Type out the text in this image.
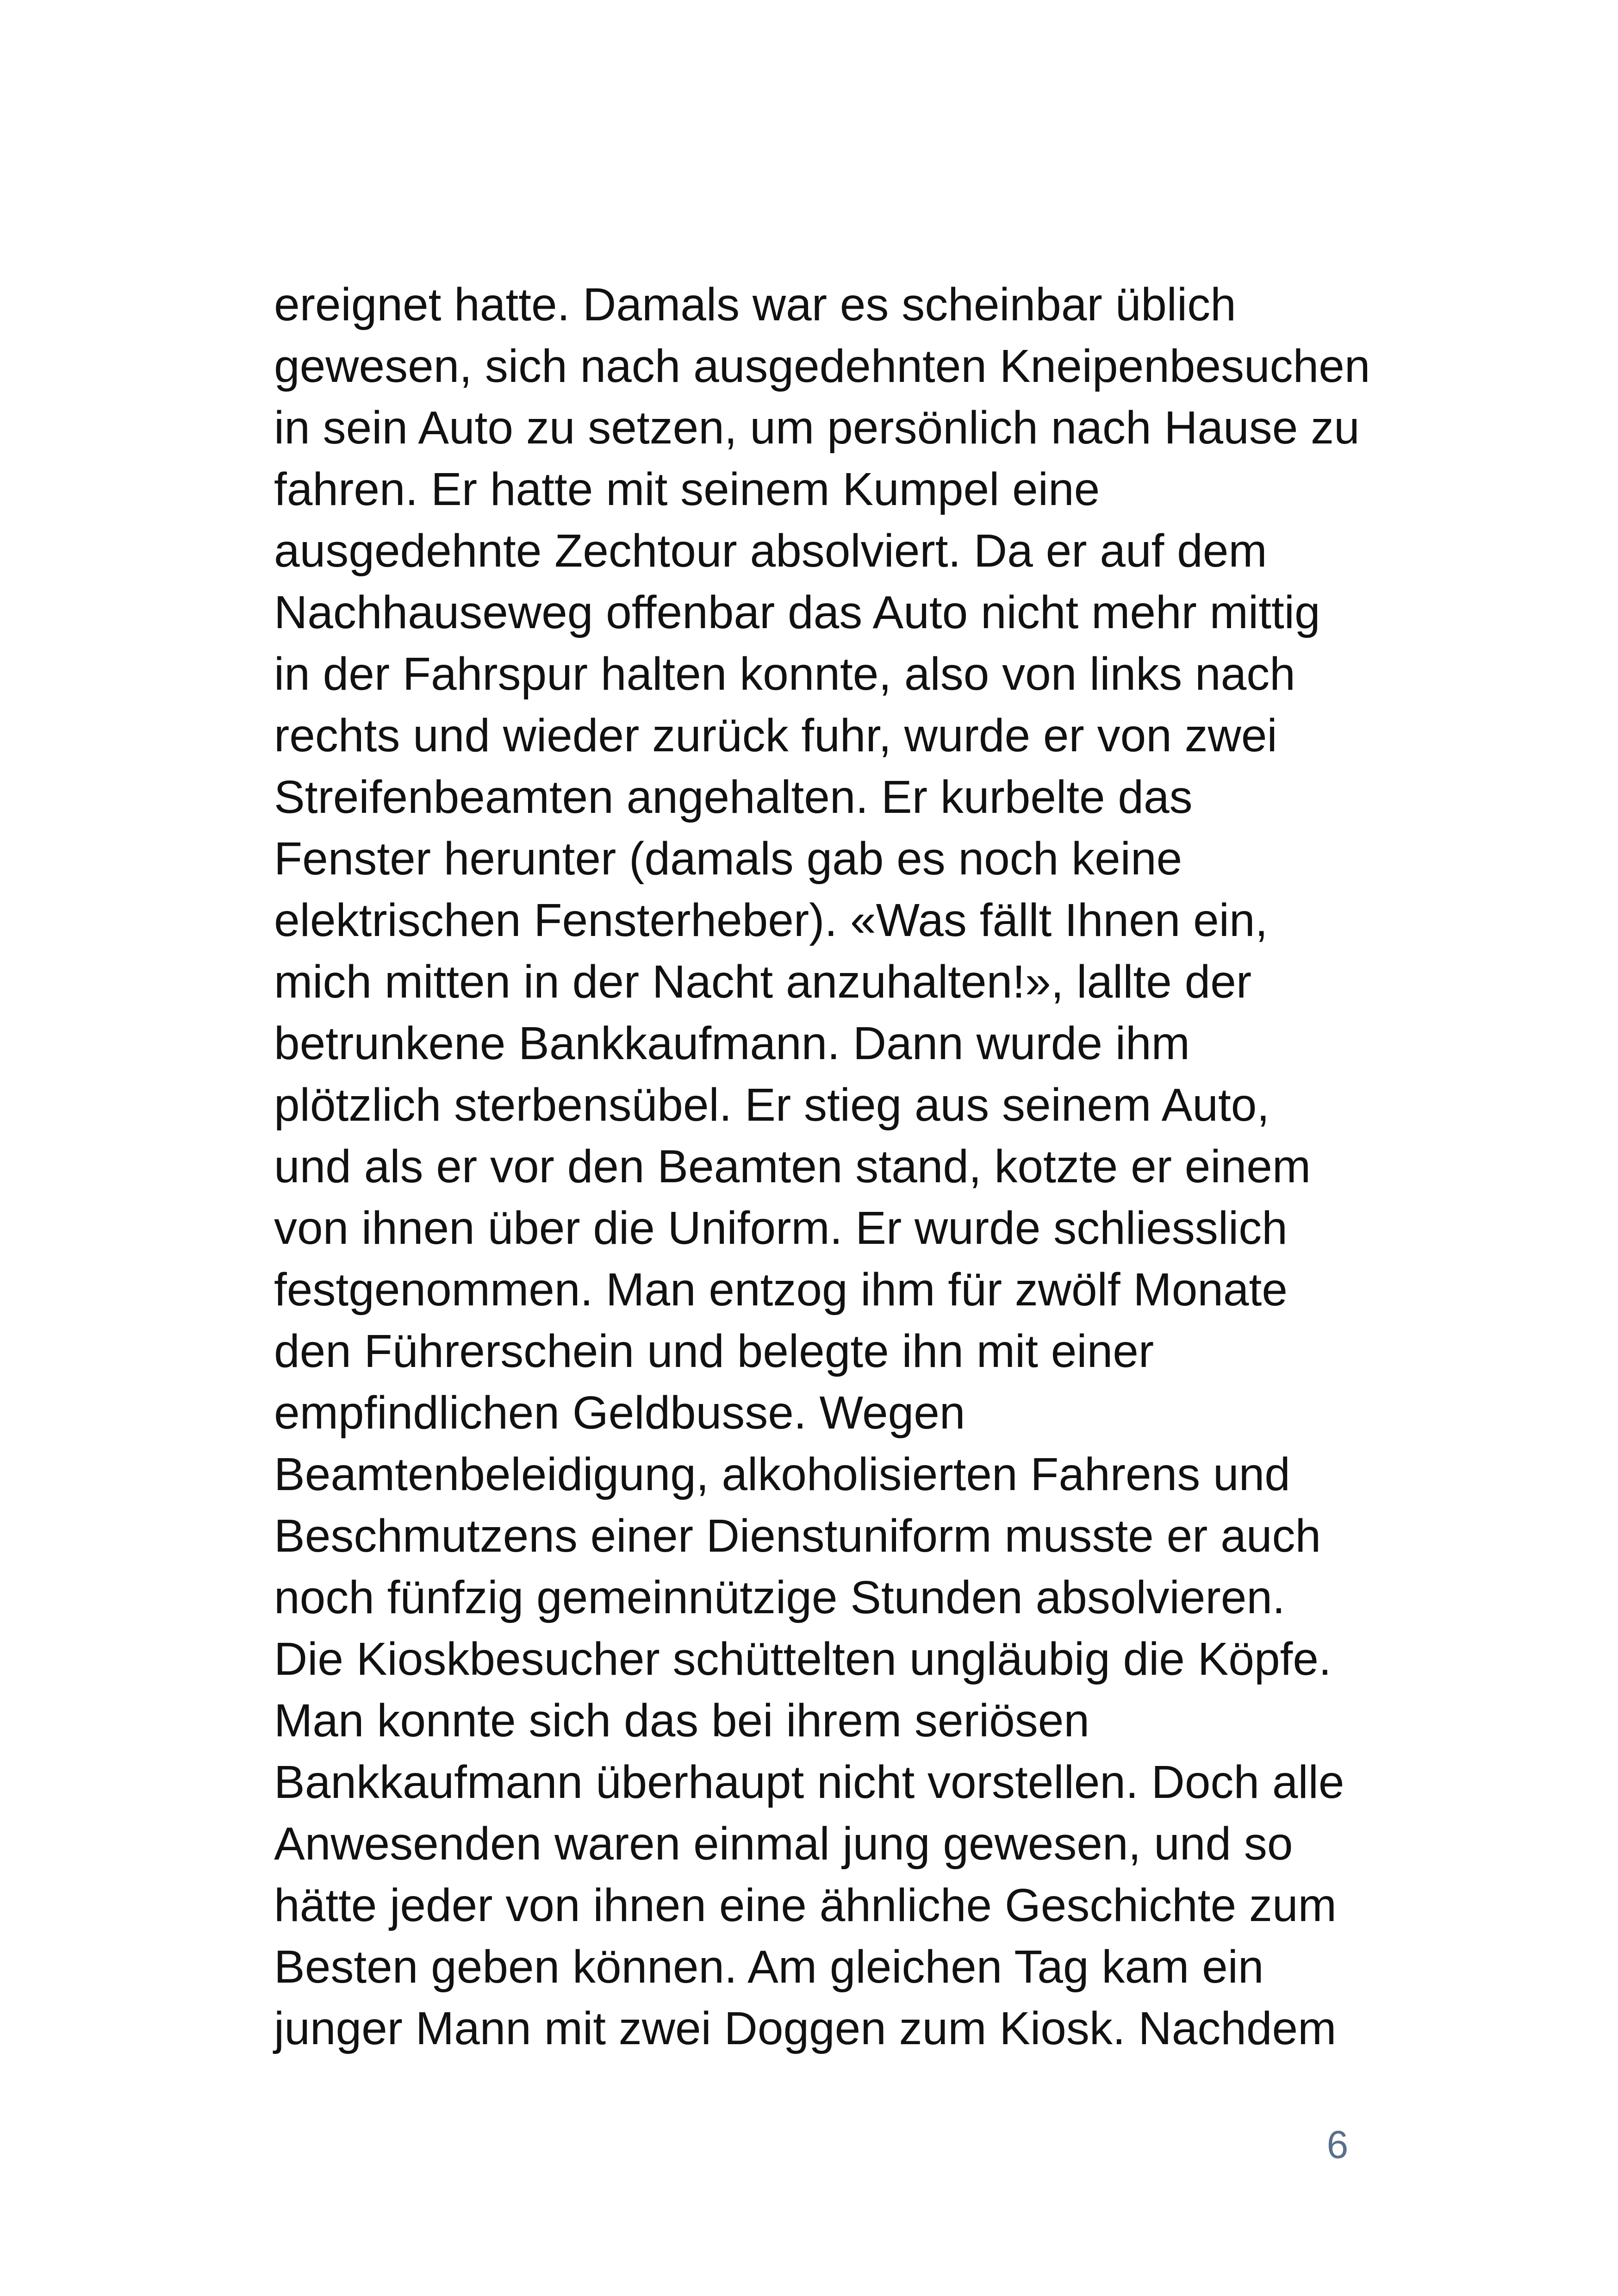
ereignet hatte. Damals war es scheinbar üblich
gewesen, sich nach ausgedehnten Kneipenbesuchen
in sein Auto zu setzen, um persönlich nach Hause zu
fahren. Er hatte mit seinem Kumpel eine
ausgedehnte Zechtour absolviert. Da er auf dem
Nachhauseweg offenbar das Auto nicht mehr mittig
in der Fahrspur halten konnte, also von links nach
rechts und wieder zurück fuhr, wurde er von zwei
Streifenbeamten angehalten. Er kurbelte das
Fenster herunter (damals gab es noch keine
elektrischen Fensterheber). «Was fällt Ihnen ein,
mich mitten in der Nacht anzuhalten!», lallte der
betrunkene Bankkaufmann. Dann wurde ihm
plötzlich sterbensübel. Er stieg aus seinem Auto,
und als er vor den Beamten stand, kotzte er einem
von ihnen über die Uniform. Er wurde schliesslich
festgenommen. Man entzog ihm für zwölf Monate
den Führerschein und belegte ihn mit einer
empfindlichen Geldbusse. Wegen
Beamtenbeleidigung, alkoholisierten Fahrens und
Beschmutzens einer Dienstuniform musste er auch
noch fünfzig gemeinnützige Stunden absolvieren.
Die Kioskbesucher schüttelten ungläubig die Köpfe.
Man konnte sich das bei ihrem seriösen
Bankkaufmann überhaupt nicht vorstellen. Doch alle
Anwesenden waren einmal jung gewesen, und so
hätte jeder von ihnen eine ähnliche Geschichte zum
Besten geben können. Am gleichen Tag kam ein
junger Mann mit zwei Doggen zum Kiosk. Nachdem
6
